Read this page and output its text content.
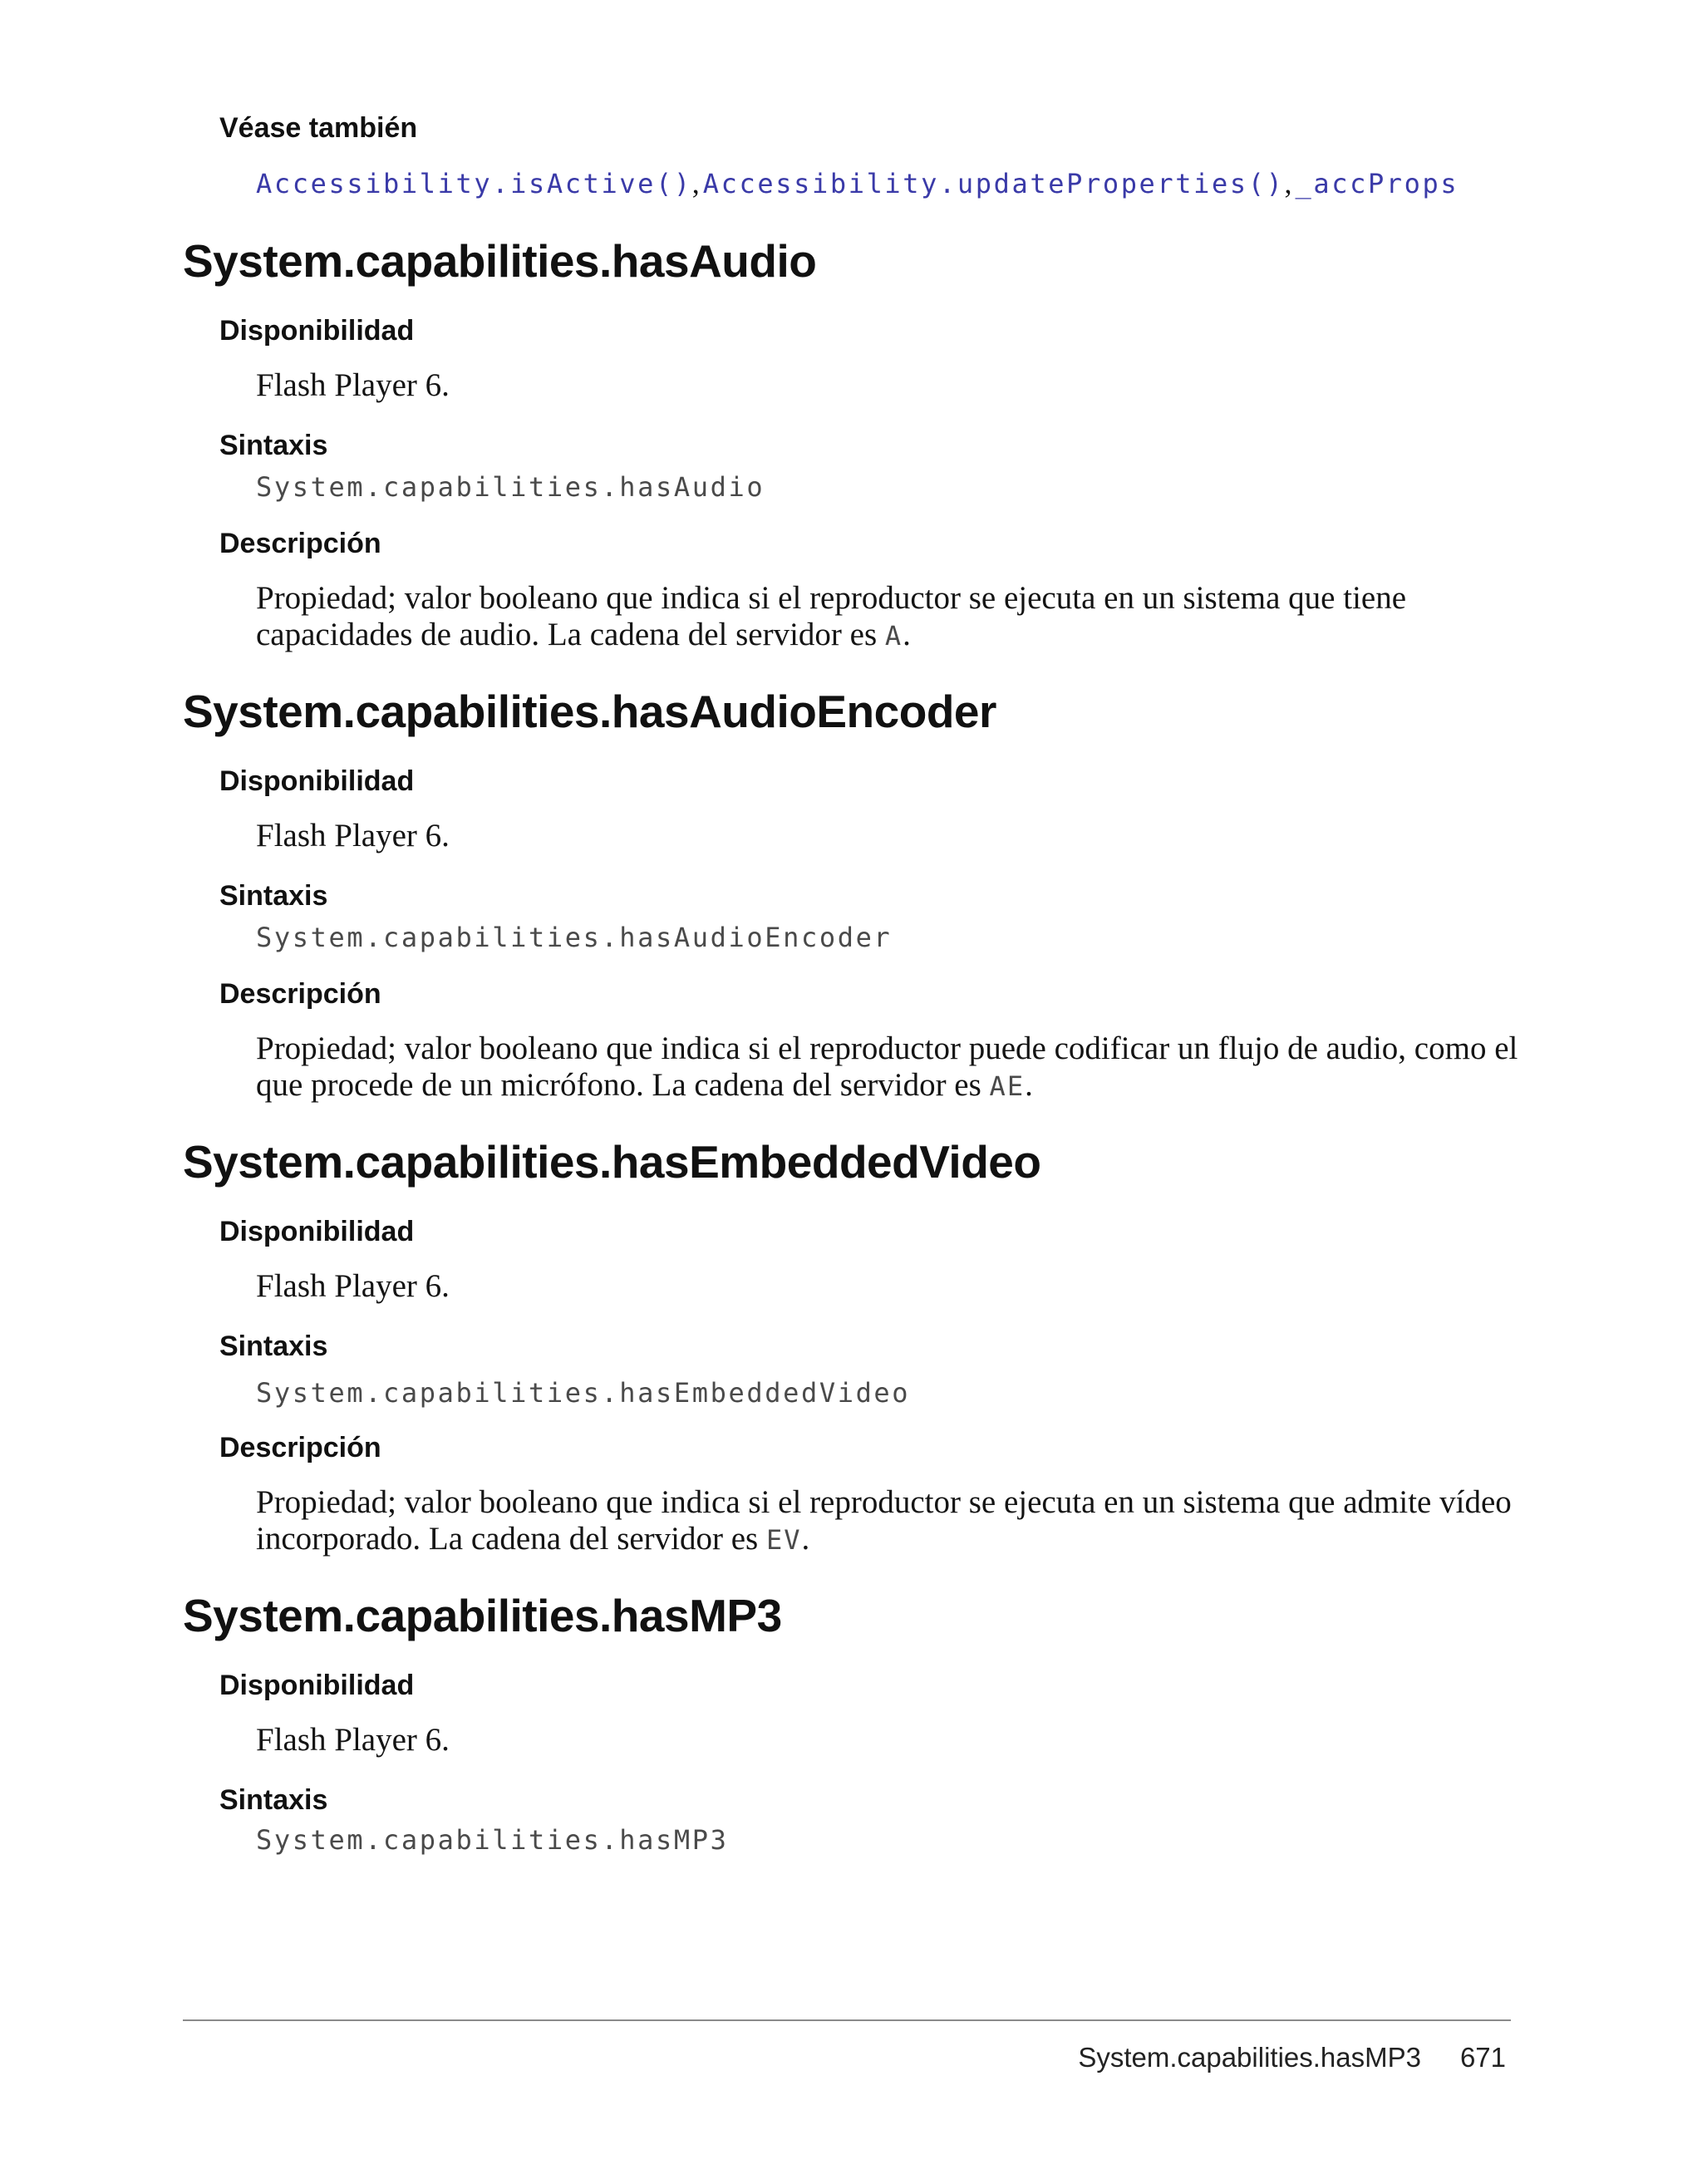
Véase también

Accessibility.isActive(), Accessibility.updateProperties(), _accProps

System.capabilities.hasAudio
Disponibilidad

Flash Player 6.

Sintaxis

System.capabilities.hasAudio

Descripción

Propiedad; valor booleano que indica si el reproductor se ejecuta en un sistema que tiene
capacidades de audio. La cadena del servidor es A.

System.capabilities.hasAudioEncoder
Disponibilidad

Flash Player 6.

Sintaxis

System.capabilities.hasAudioEncoder

Descripción

Propiedad; valor booleano que indica si el reproductor puede codificar un flujo de audio, como el
que procede de un micrófono. La cadena del servidor es AE.

System.capabilities.hasEmbeddedVideo
Disponibilidad

Flash Player 6.

Sintaxis

System.capabilities.hasEmbeddedVideo

Descripción

Propiedad; valor booleano que indica si el reproductor se ejecuta en un sistema que admite vídeo
incorporado. La cadena del servidor es EV.

System.capabilities.hasMP3
Disponibilidad

Flash Player 6.

Sintaxis

System.capabilities.hasMP3

System.capabilities.hasMP3 671
